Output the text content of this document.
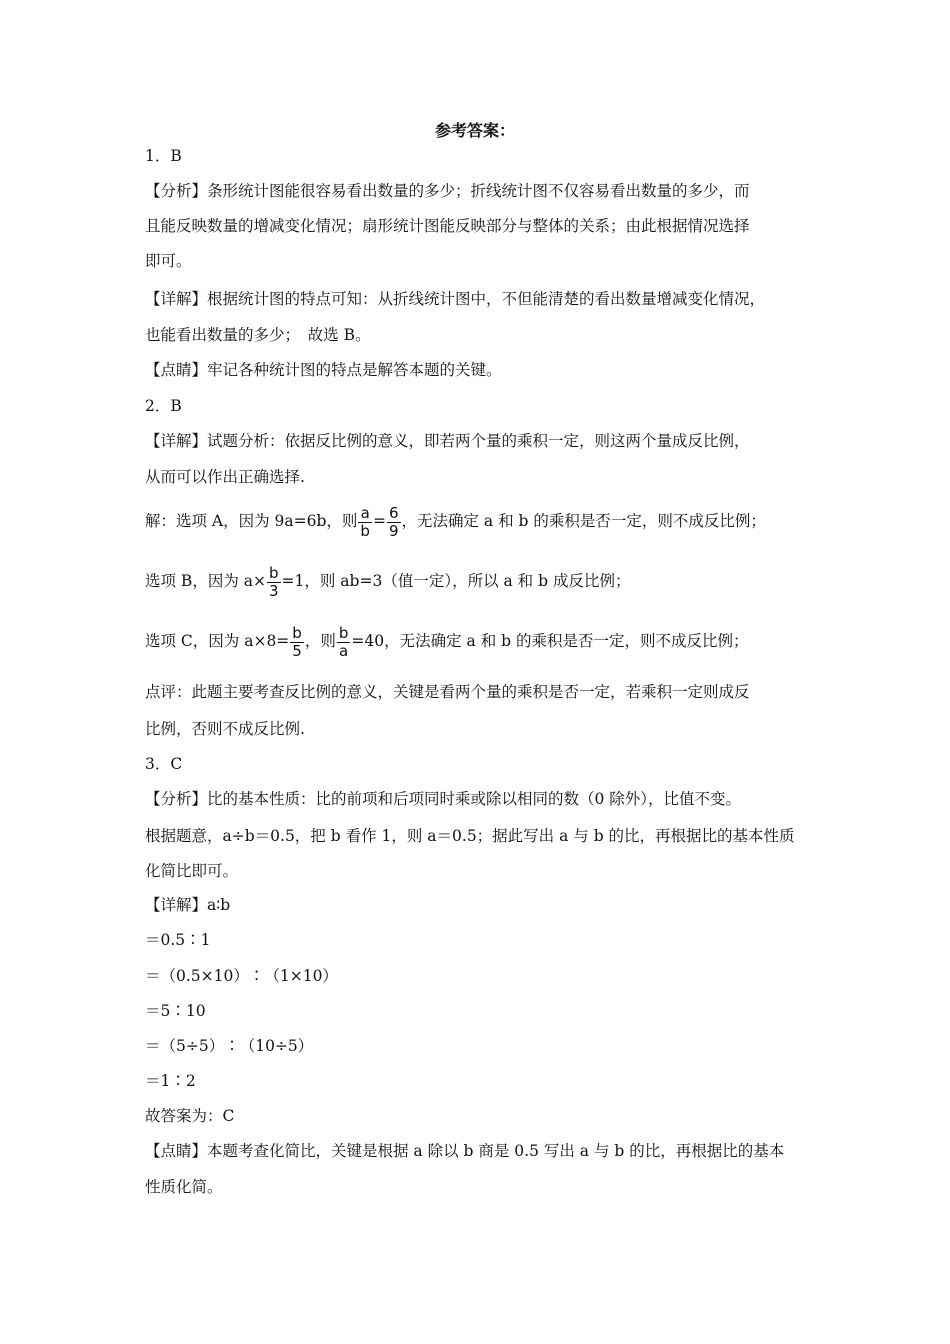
参考答案：
1．B
【分析】条形统计图能很容易看出数量的多少；折线统计图不仅容易看出数量的多少，而
且能反映数量的增减变化情况；扇形统计图能反映部分与整体的关系；由此根据情况选择
即可。
【详解】根据统计图的特点可知：从折线统计图中，不但能清楚的看出数量增减变化情况，
也能看出数量的多少；　故选 B。
【点睛】牢记各种统计图的特点是解答本题的关键。
2．B
【详解】试题分析：依据反比例的意义，即若两个量的乘积一定，则这两个量成反比例，
从而可以作出正确选择.
解：选项 A，因为 9a=6b，则 $\frac{a}{b} = \frac{6}{9}$ ，无法确定 a 和 b 的乘积是否一定，则不成反比例；
选项 B，因为 $a\times \frac{b}{3} =1$，则 ab=3（值一定），所以 a 和 b 成反比例；
选项 C，因为 $a\times 8= \frac{b}{5}$ ，则 $\frac{b}{a} =40$，无法确定 a 和 b 的乘积是否一定，则不成反比例；
点评：此题主要考查反比例的意义，关键是看两个量的乘积是否一定，若乘积一定则成反
比例，否则不成反比例.
3．C
【分析】比的基本性质：比的前项和后项同时乘或除以相同的数（0 除外），比值不变。
根据题意，a÷b＝0.5，把 b 看作 1，则 a＝0.5；据此写出 a 与 b 的比，再根据比的基本性质
化简比即可。
【详解】a∶b
＝0.5∶1
＝（0.5×10）∶（1×10）
＝5∶10
＝（5÷5）∶（10÷5）
＝1∶2
故答案为：C
【点睛】本题考查化简比，关键是根据 a 除以 b 商是 0.5 写出 a 与 b 的比，再根据比的基本
性质化简。
